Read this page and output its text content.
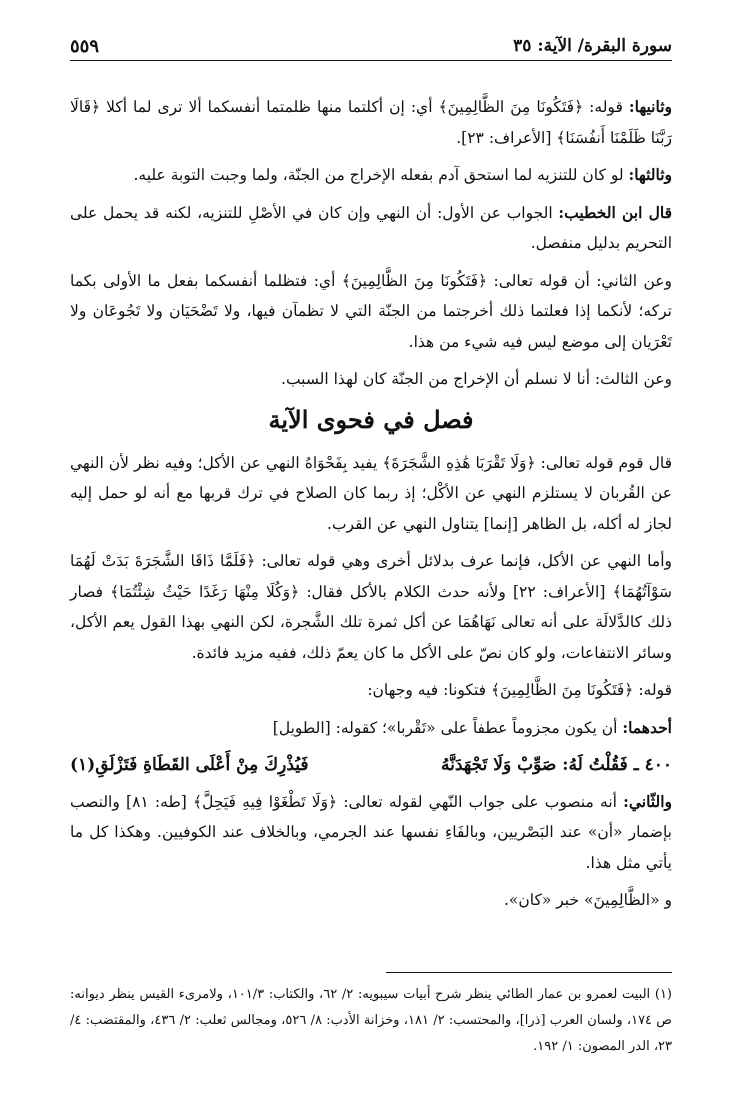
سورة البقرة/ الآية: ٣٥
٥٥٩

وثانيها: قوله: ﴿فَتَكُونَا مِنَ الظَّالِمِينَ﴾ أي: إن أكلتما منها ظلمتما أنفسكما ألا ترى لما أكلا ﴿قَالَا رَبَّنَا ظَلَمْنَا أَنفُسَنَا﴾ [الأعراف: ٢٣].

وثالثها: لو كان للتنزيه لما استحق آدم بفعله الإخراج من الجنّة، ولما وجبت التوبة عليه.

قال ابن الخطيب: الجواب عن الأول: أن النهي وإن كان في الأصْلِ للتنزيه، لكنه قد يحمل على التحريم بدليل منفصل.

وعن الثاني: أن قوله تعالى: ﴿فَتَكُونَا مِنَ الظَّالِمِينَ﴾ أي: فتظلما أنفسكما بفعل ما الأولى بكما تركه؛ لأنكما إذا فعلتما ذلك أخرجتما من الجنّة التي لا تظمآن فيها، ولا تَضْحَيَان ولا تَجُوعَان ولا تَعْرَيان إلى موضع ليس فيه شيء من هذا.

وعن الثالث: أنا لا نسلم أن الإخراج من الجنّة كان لهذا السبب.

فصل في فحوى الآية

قال قوم قوله تعالى: ﴿وَلَا تَقْرَبَا هَٰذِهِ الشَّجَرَةَ﴾ يفيد بِفَحْوَاهُ النهي عن الأكل؛ وفيه نظر لأن النهي عن القُربان لا يستلزم النهي عن الأكْل؛ إذ ربما كان الصلاح في ترك قربها مع أنه لو حمل إليه لجاز له أكله، بل الظاهر [إنما] يتناول النهي عن القرب.

وأما النهي عن الأكل، فإنما عرف بدلائل أخرى وهي قوله تعالى: ﴿فَلَمَّا ذَاقَا الشَّجَرَةَ بَدَتْ لَهُمَا سَوْآتُهُمَا﴾ [الأعراف: ٢٢] ولأنه حدث الكلام بالأكل فقال: ﴿وَكُلَا مِنْهَا رَغَدًا حَيْثُ شِئْتُمَا﴾ فصار ذلك كالدَّلالَة على أنه تعالى نَهَاهُمَا عن أكل ثمرة تلك الشَّجرة، لكن النهي بهذا القول يعم الأكل، وسائر الانتفاعات، ولو كان نصّ على الأكل ما كان يعمّ ذلك، ففيه مزيد فائدة.

قوله: ﴿فَتَكُونَا مِنَ الظَّالِمِينَ﴾ فتكونا: فيه وجهان:

أحدهما: أن يكون مجزوماً عطفاً على «تَقْربا»؛ كقوله: [الطويل]

٤٠٠ ـ فَقُلْتُ لَهُ: صَوِّبْ وَلَا تَجْهَدَنَّهُ
فَيُذْرِكَ مِنْ أَعْلَى القَطَاةِ فَتَزْلَقِ(١)

والثّاني: أنه منصوب على جواب النّهي لقوله تعالى: ﴿وَلَا تَطْغَوْا فِيهِ فَيَحِلَّ﴾ [طه: ٨١] والنصب بإضمار «أن» عند البَصْريين، وبالفَاءِ نفسها عند الجرمي، وبالخلاف عند الكوفيين. وهكذا كل ما يأتي مثل هذا.

و «الظَّالِمِينَ» خبر «كان».

(١) البيت لعمرو بن عمار الطائي ينظر شرح أبيات سيبويه: ٢/ ٦٢، والكتاب: ١٠١/٣، ولامرىء القيس ينظر ديوانه: ص ١٧٤، ولسان العرب [ذرا]، والمحتسب: ٢/ ١٨١، وخزانة الأدب: ٨/ ٥٢٦، ومجالس ثعلب: ٢/ ٤٣٦، والمقتضب: ٤/ ٢٣، الدر المصون: ١/ ١٩٢.
